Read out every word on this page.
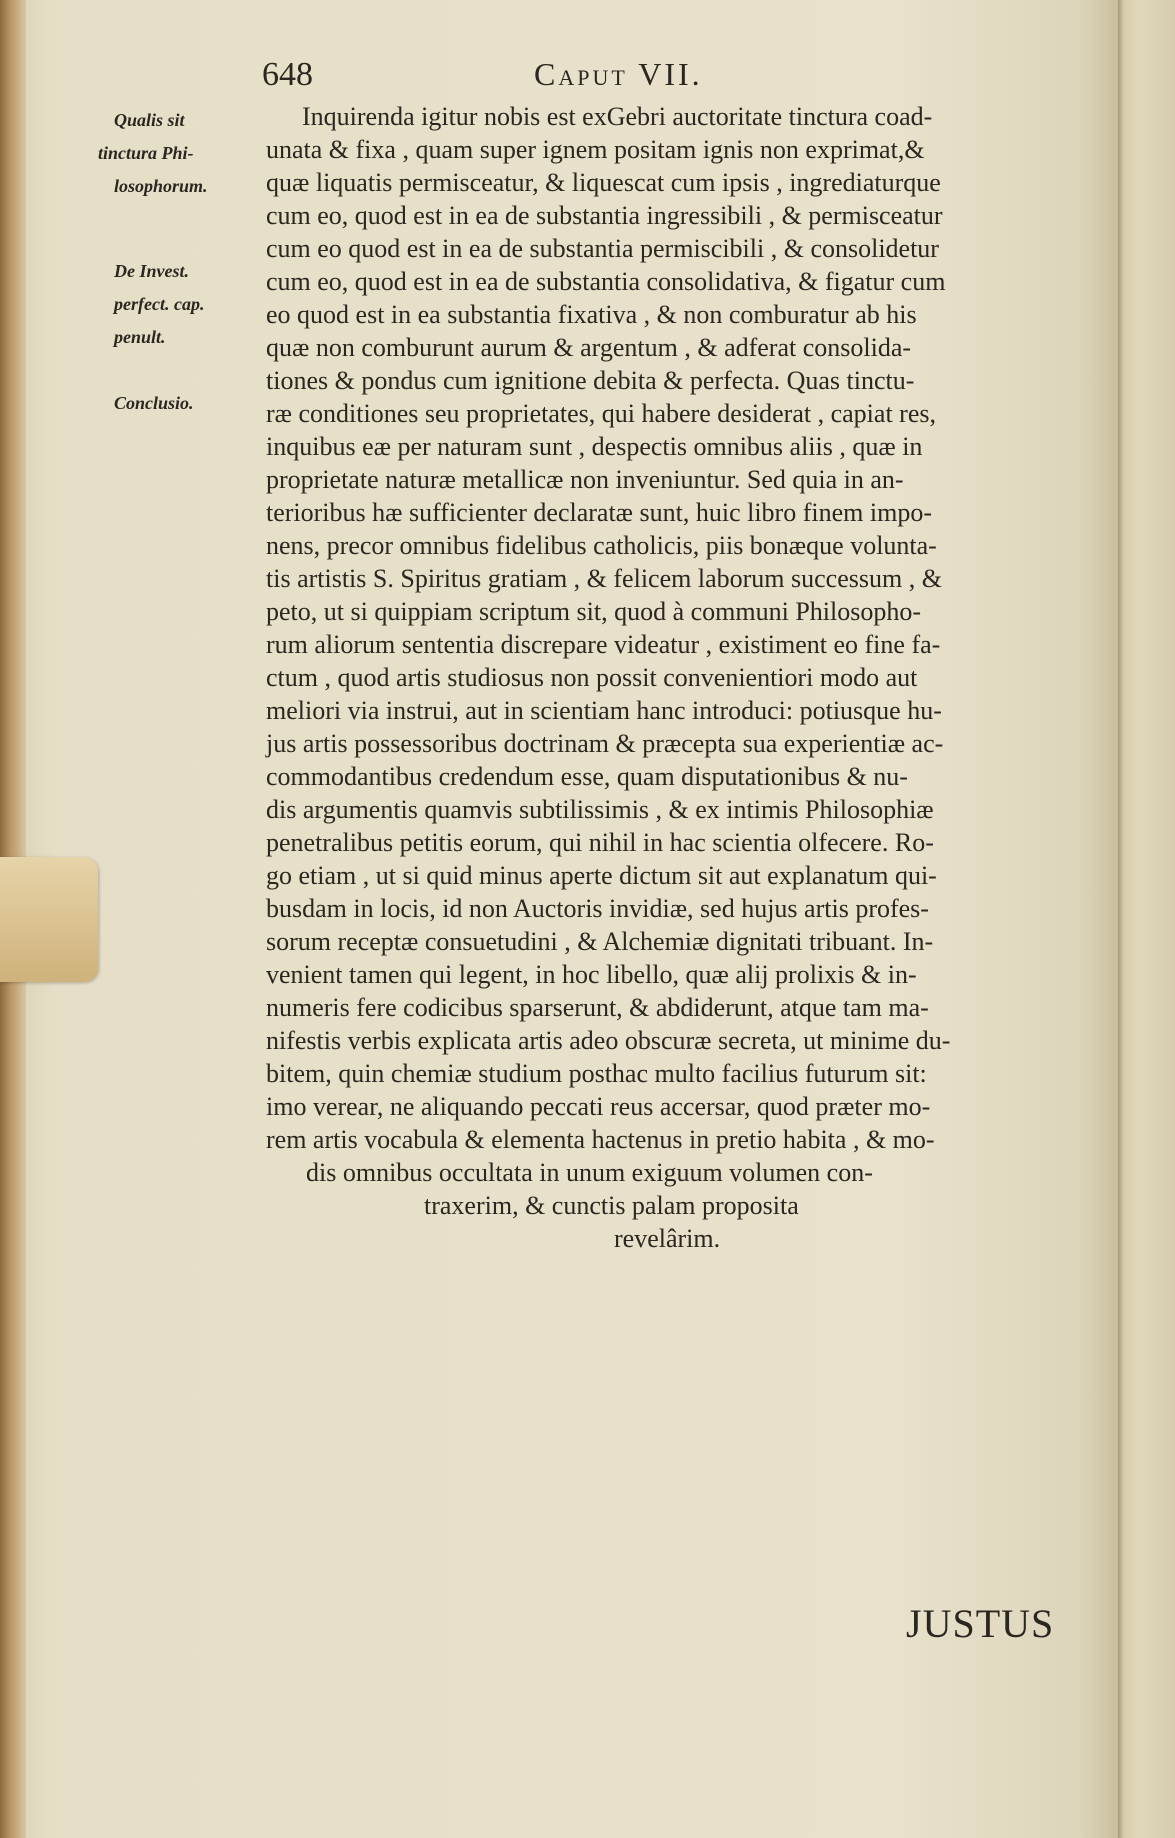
648	Caput VII.
Qualis sit
tinctura Phi-
losophorum.
De Invest.
perfect. cap.
penult.
Conclusio.
Inquirenda igitur nobis est exGebri auctoritate tinctura coad-
unata & fixa , quam super ignem positam ignis non exprimat,&
quæ liquatis permisceatur, & liquescat cum ipsis , ingrediaturque
cum eo, quod est in ea de substantia ingressibili , & permisceatur
cum eo quod est in ea de substantia permiscibili , & consolidetur
cum eo, quod est in ea de substantia consolidativa, & figatur cum
eo quod est in ea substantia fixativa , & non comburatur ab his
quæ non comburunt aurum & argentum , & adferat consolida-
tiones & pondus cum ignitione debita & perfecta. Quas tinctu-
ræ conditiones seu proprietates, qui habere desiderat , capiat res,
inquibus eæ per naturam sunt , despectis omnibus aliis , quæ in
proprietate naturæ metallicæ non inveniuntur. Sed quia in an-
terioribus hæ sufficienter declaratæ sunt, huic libro finem impo-
nens, precor omnibus fidelibus catholicis, piis bonæque volunta-
tis artistis S. Spiritus gratiam , & felicem laborum successum , &
peto, ut si quippiam scriptum sit, quod à communi Philosopho-
rum aliorum sententia discrepare videatur , existiment eo fine fa-
ctum , quod artis studiosus non possit convenientiori modo aut
meliori via instrui, aut in scientiam hanc introduci: potiusque hu-
jus artis possessoribus doctrinam & præcepta sua experientiæ ac-
commodantibus credendum esse, quam disputationibus & nu-
dis argumentis quamvis subtilissimis , & ex intimis Philosophiæ
penetralibus petitis eorum, qui nihil in hac scientia olfecere. Ro-
go etiam , ut si quid minus aperte dictum sit aut explanatum qui-
busdam in locis, id non Auctoris invidiæ, sed hujus artis profes-
sorum receptæ consuetudini , & Alchemiæ dignitati tribuant. In-
venient tamen qui legent, in hoc libello, quæ alij prolixis & in-
numeris fere codicibus sparserunt, & abdiderunt, atque tam ma-
nifestis verbis explicata artis adeo obscuræ secreta, ut minime du-
bitem, quin chemiæ studium posthac multo facilius futurum sit:
imo verear, ne aliquando peccati reus accersar, quod præter mo-
rem artis vocabula & elementa hactenus in pretio habita , & mo-
dis omnibus occultata in unum exiguum volumen con-
traxerim, & cunctis palam proposita
revelârim.
JUSTUS
